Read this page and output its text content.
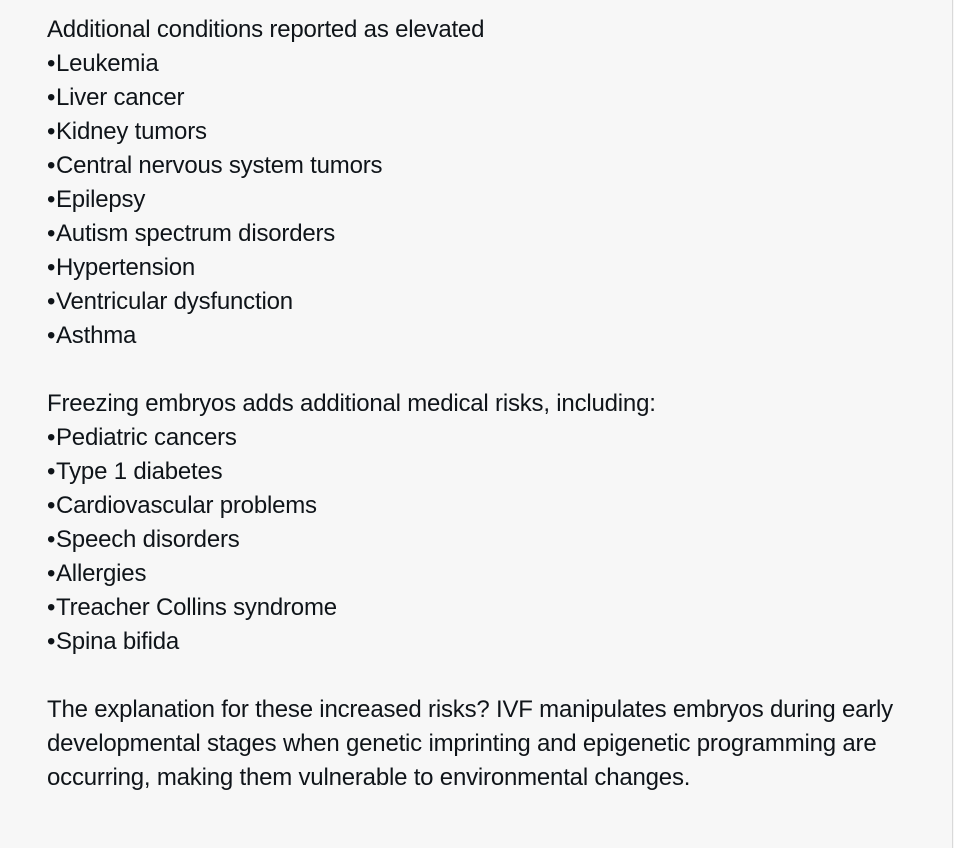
Additional conditions reported as elevated
• Leukemia
• Liver cancer
• Kidney tumors
• Central nervous system tumors
• Epilepsy
• Autism spectrum disorders
• Hypertension
• Ventricular dysfunction
• Asthma
Freezing embryos adds additional medical risks, including:
• Pediatric cancers
• Type 1 diabetes
• Cardiovascular problems
• Speech disorders
• Allergies
• Treacher Collins syndrome
• Spina bifida
The explanation for these increased risks? IVF manipulates embryos during early developmental stages when genetic imprinting and epigenetic programming are occurring, making them vulnerable to environmental changes.
